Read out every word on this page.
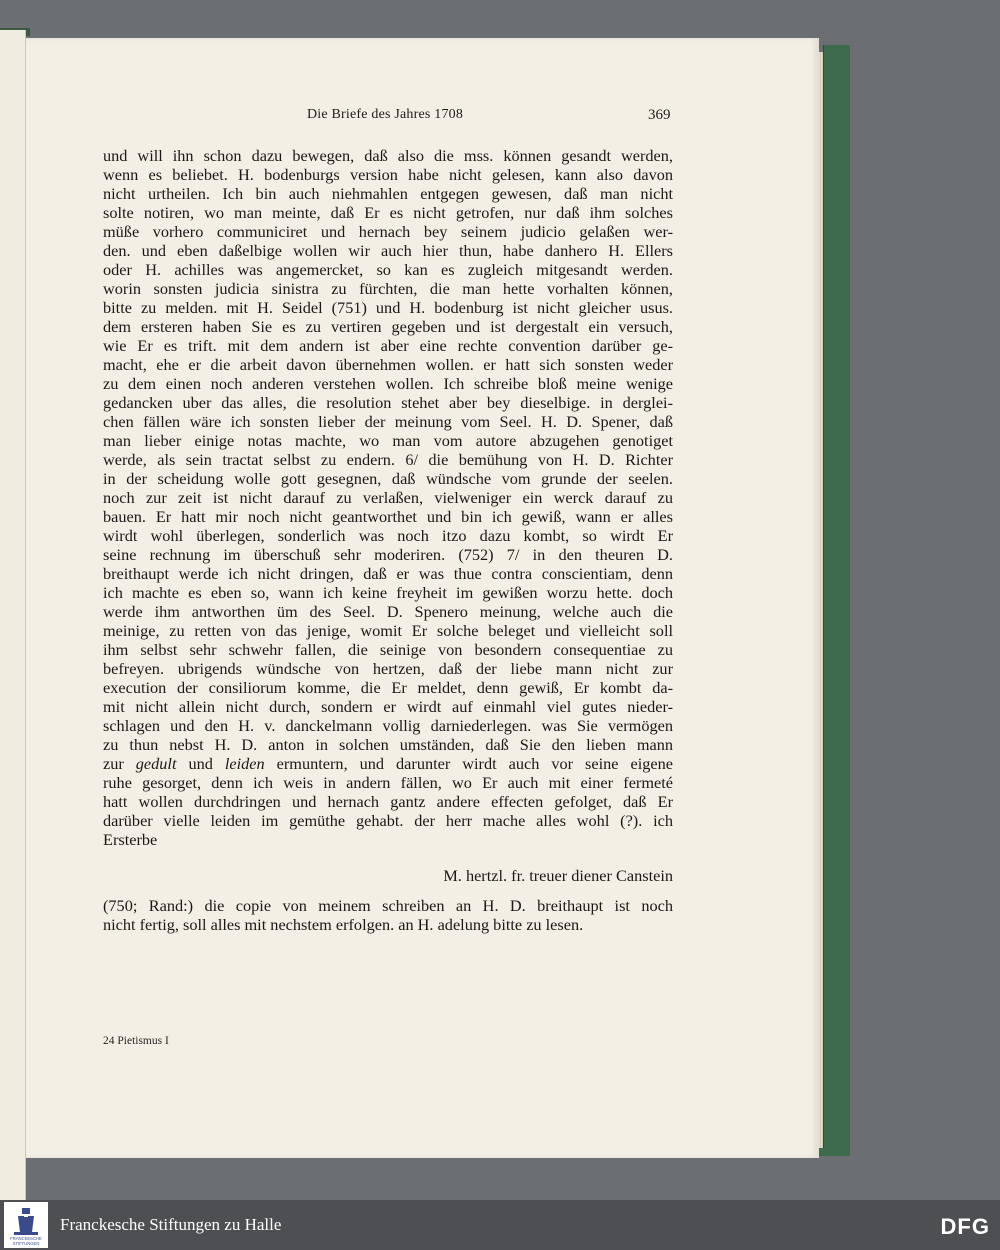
Die Briefe des Jahres 1708	369
und will ihn schon dazu bewegen, daß also die mss. können gesandt werden,
wenn es beliebet. H. bodenburgs version habe nicht gelesen, kann also davon
nicht urtheilen. Ich bin auch niehmahlen entgegen gewesen, daß man nicht
solte notiren, wo man meinte, daß Er es nicht getrofen, nur daß ihm solches
müße vorhero communiciret und hernach bey seinem judicio gelaßen wer-
den. und eben daßelbige wollen wir auch hier thun, habe danhero H. Ellers
oder H. achilles was angemercket, so kan es zugleich mitgesandt werden.
worin sonsten judicia sinistra zu fürchten, die man hette vorhalten können,
bitte zu melden. mit H. Seidel (751) und H. bodenburg ist nicht gleicher usus.
dem ersteren haben Sie es zu vertiren gegeben und ist dergestalt ein versuch,
wie Er es trift. mit dem andern ist aber eine rechte convention darüber ge-
macht, ehe er die arbeit davon übernehmen wollen. er hatt sich sonsten weder
zu dem einen noch anderen verstehen wollen. Ich schreibe bloß meine wenige
gedancken uber das alles, die resolution stehet aber bey dieselbige. in derglei-
chen fällen wäre ich sonsten lieber der meinung vom Seel. H. D. Spener, daß
man lieber einige notas machte, wo man vom autore abzugehen genotiget
werde, als sein tractat selbst zu endern. 6/ die bemühung von H. D. Richter
in der scheidung wolle gott gesegnen, daß wündsche vom grunde der seelen.
noch zur zeit ist nicht darauf zu verlaßen, vielweniger ein werck darauf zu
bauen. Er hatt mir noch nicht geantworthet und bin ich gewiß, wann er alles
wirdt wohl überlegen, sonderlich was noch itzo dazu kombt, so wirdt Er
seine rechnung im überschuß sehr moderiren. (752) 7/ in den theuren D.
breithaupt werde ich nicht dringen, daß er was thue contra conscientiam, denn
ich machte es eben so, wann ich keine freyheit im gewißen worzu hette. doch
werde ihm antworthen üm des Seel. D. Spenero meinung, welche auch die
meinige, zu retten von das jenige, womit Er solche beleget und vielleicht soll
ihm selbst sehr schwehr fallen, die seinige von besondern consequentiae zu
befreyen. ubrigends wündsche von hertzen, daß der liebe mann nicht zur
execution der consiliorum komme, die Er meldet, denn gewiß, Er kombt da-
mit nicht allein nicht durch, sondern er wirdt auf einmahl viel gutes nieder-
schlagen und den H. v. danckelmann vollig darniederlegen. was Sie vermögen
zu thun nebst H. D. anton in solchen umständen, daß Sie den lieben mann
zur gedult und leiden ermuntern, und darunter wirdt auch vor seine eigene
ruhe gesorget, denn ich weis in andern fällen, wo Er auch mit einer fermeté
hatt wollen durchdringen und hernach gantz andere effecten gefolget, daß Er
darüber vielle leiden im gemüthe gehabt. der herr mache alles wohl (?). ich
Ersterbe
M. hertzl. fr. treuer diener Canstein
(750; Rand:) die copie von meinem schreiben an H. D. breithaupt ist noch
nicht fertig, soll alles mit nechstem erfolgen. an H. adelung bitte zu lesen.
24 Pietismus I
FRANCKESCHE
STIFTUNGEN
Franckesche Stiftungen zu Halle	DFG
